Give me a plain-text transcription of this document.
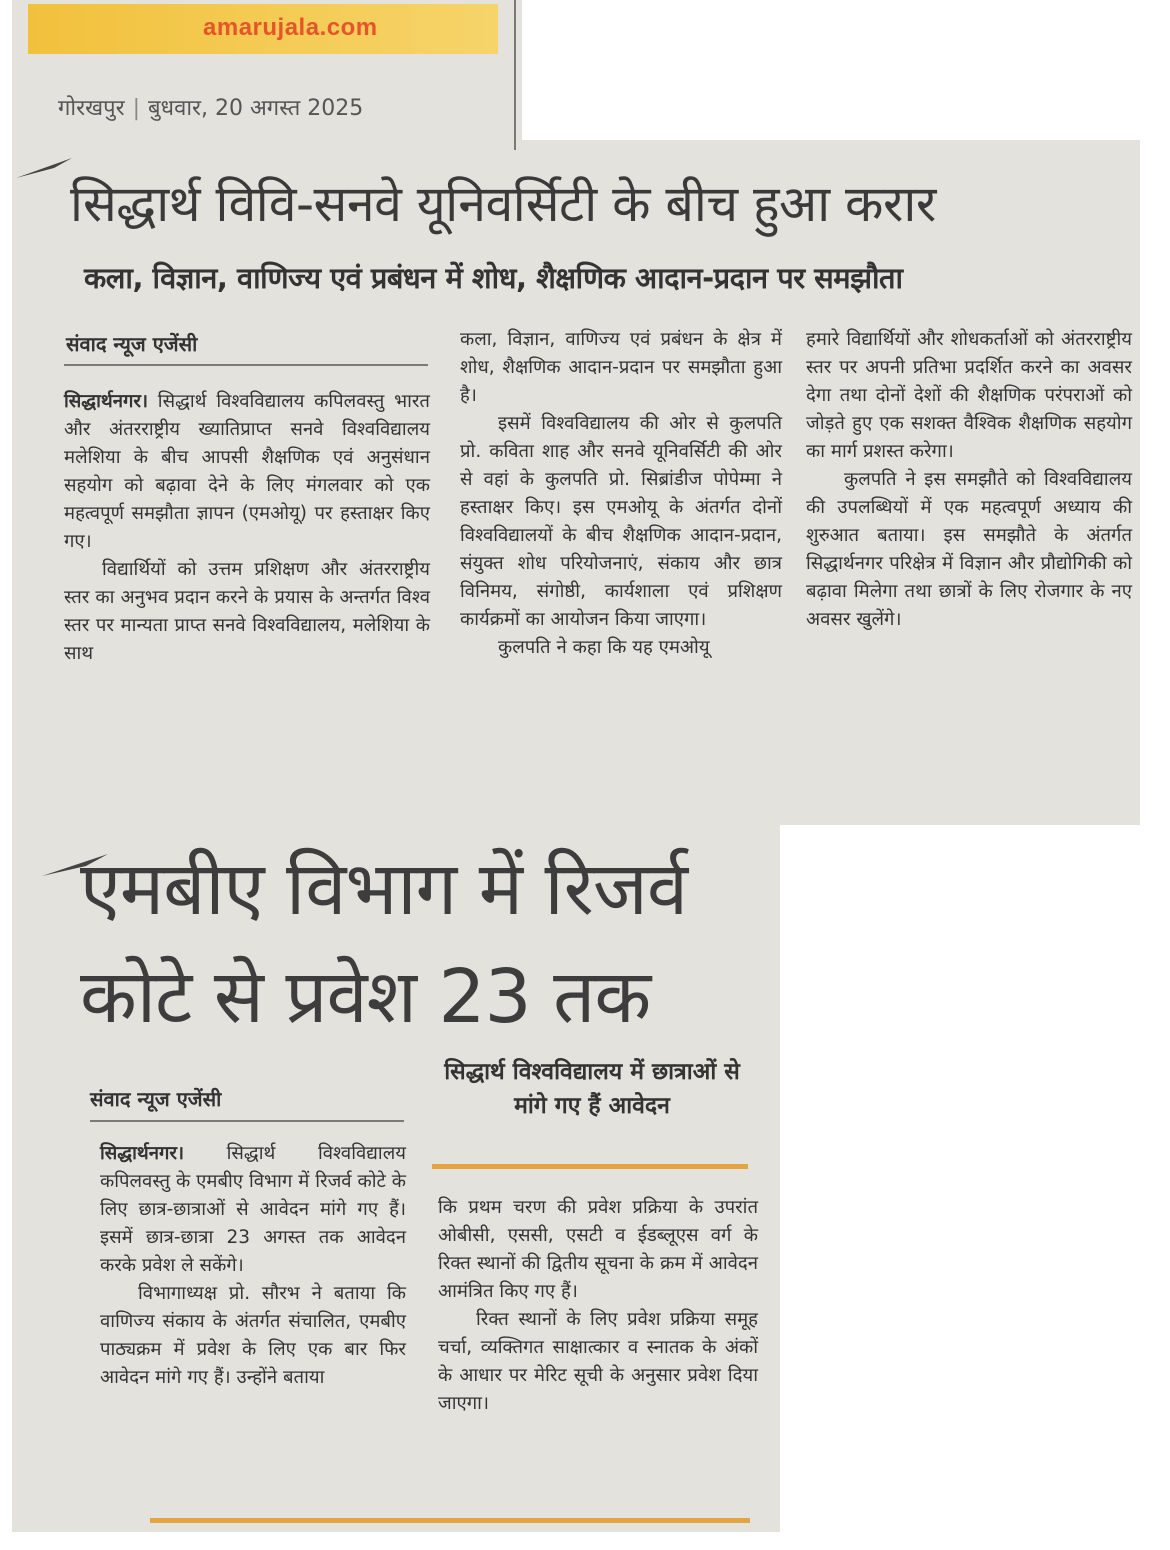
amarujala.com
गोरखपुर | बुधवार, 20 अगस्त 2025
सिद्धार्थ विवि-सनवे यूनिवर्सिटी के बीच हुआ करार
कला, विज्ञान, वाणिज्य एवं प्रबंधन में शोध, शैक्षणिक आदान-प्रदान पर समझौता
संवाद न्यूज एजेंसी

सिद्धार्थनगर। सिद्धार्थ विश्वविद्यालय कपिलवस्तु भारत और अंतरराष्ट्रीय ख्यातिप्राप्त सनवे विश्वविद्यालय मलेशिया के बीच आपसी शैक्षणिक एवं अनुसंधान सहयोग को बढ़ावा देने के लिए मंगलवार को एक महत्वपूर्ण समझौता ज्ञापन (एमओयू) पर हस्ताक्षर किए गए।

विद्यार्थियों को उत्तम प्रशिक्षण और अंतरराष्ट्रीय स्तर का अनुभव प्रदान करने के प्रयास के अन्तर्गत विश्व स्तर पर मान्यता प्राप्त सनवे विश्वविद्यालय, मलेशिया के साथ

कला, विज्ञान, वाणिज्य एवं प्रबंधन के क्षेत्र में शोध, शैक्षणिक आदान-प्रदान पर समझौता हुआ है।

इसमें विश्वविद्यालय की ओर से कुलपति प्रो. कविता शाह और सनवे यूनिवर्सिटी की ओर से वहां के कुलपति प्रो. सिब्रांडीज पोपेम्मा ने हस्ताक्षर किए। इस एमओयू के अंतर्गत दोनों विश्वविद्यालयों के बीच शैक्षणिक आदान-प्रदान, संयुक्त शोध परियोजनाएं, संकाय और छात्र विनिमय, संगोष्ठी, कार्यशाला एवं प्रशिक्षण कार्यक्रमों का आयोजन किया जाएगा।

कुलपति ने कहा कि यह एमओयू

हमारे विद्यार्थियों और शोधकर्ताओं को अंतरराष्ट्रीय स्तर पर अपनी प्रतिभा प्रदर्शित करने का अवसर देगा तथा दोनों देशों की शैक्षणिक परंपराओं को जोड़ते हुए एक सशक्त वैश्विक शैक्षणिक सहयोग का मार्ग प्रशस्त करेगा।

कुलपति ने इस समझौते को विश्वविद्यालय की उपलब्धियों में एक महत्वपूर्ण अध्याय की शुरुआत बताया। इस समझौते के अंतर्गत सिद्धार्थनगर परिक्षेत्र में विज्ञान और प्रौद्योगिकी को बढ़ावा मिलेगा तथा छात्रों के लिए रोजगार के नए अवसर खुलेंगे।

एमबीए विभाग में रिजर्व
कोटे से प्रवेश 23 तक
संवाद न्यूज एजेंसी
सिद्धार्थ विश्वविद्यालय में छात्राओं से मांगे गए हैं आवेदन

सिद्धार्थनगर। सिद्धार्थ विश्वविद्यालय कपिलवस्तु के एमबीए विभाग में रिजर्व कोटे के लिए छात्र-छात्राओं से आवेदन मांगे गए हैं। इसमें छात्र-छात्रा 23 अगस्त तक आवेदन करके प्रवेश ले सकेंगे।

विभागाध्यक्ष प्रो. सौरभ ने बताया कि वाणिज्य संकाय के अंतर्गत संचालित, एमबीए पाठ्यक्रम में प्रवेश के लिए एक बार फिर आवेदन मांगे गए हैं। उन्होंने बताया

कि प्रथम चरण की प्रवेश प्रक्रिया के उपरांत ओबीसी, एससी, एसटी व ईडब्लूएस वर्ग के रिक्त स्थानों की द्वितीय सूचना के क्रम में आवेदन आमंत्रित किए गए हैं।

रिक्त स्थानों के लिए प्रवेश प्रक्रिया समूह चर्चा, व्यक्तिगत साक्षात्कार व स्नातक के अंकों के आधार पर मेरिट सूची के अनुसार प्रवेश दिया जाएगा।
